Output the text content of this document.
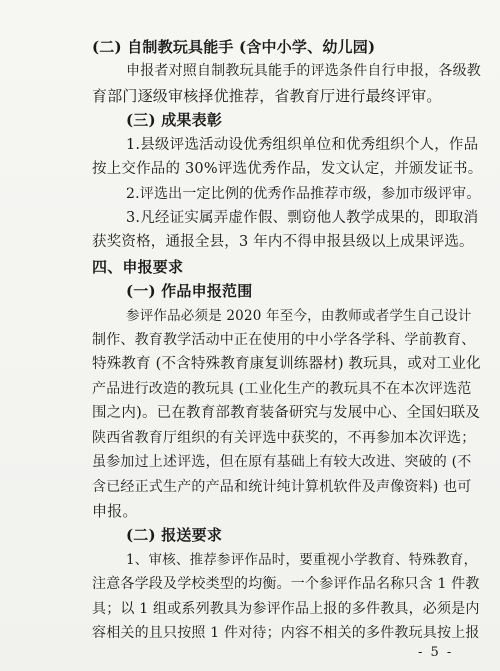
(二) 自制教玩具能手 (含中小学、幼儿园)
申报者对照自制教玩具能手的评选条件自行申报，各级教
育部门逐级审核择优推荐，省教育厅进行最终评审。
(三) 成果表彰
1.县级评选活动设优秀组织单位和优秀组织个人，作品
按上交作品的 30%评选优秀作品，发文认定，并颁发证书。
2.评选出一定比例的优秀作品推荐市级，参加市级评审。
3.凡经证实属弄虚作假、剽窃他人教学成果的，即取消
获奖资格，通报全县，3 年内不得申报县级以上成果评选。
四、申报要求
(一) 作品申报范围
参评作品必须是 2020 年至今，由教师或者学生自己设计
制作、教育教学活动中正在使用的中小学各学科、学前教育、
特殊教育 (不含特殊教育康复训练器材) 教玩具，或对工业化
产品进行改造的教玩具 (工业化生产的教玩具不在本次评选范
围之内)。已在教育部教育装备研究与发展中心、全国妇联及
陕西省教育厅组织的有关评选中获奖的，不再参加本次评选；
虽参加过上述评选，但在原有基础上有较大改进、突破的 (不
含已经正式生产的产品和统计纯计算机软件及声像资料) 也可
申报。
(二) 报送要求
1、审核、推荐参评作品时，要重视小学教育、特殊教育，
注意各学段及学校类型的均衡。一个参评作品名称只含 1 件教
具；以 1 组或系列教具为参评作品上报的多件教具，必须是内
容相关的且只按照 1 件对待；内容不相关的多件教玩具按上报
- 5 -
